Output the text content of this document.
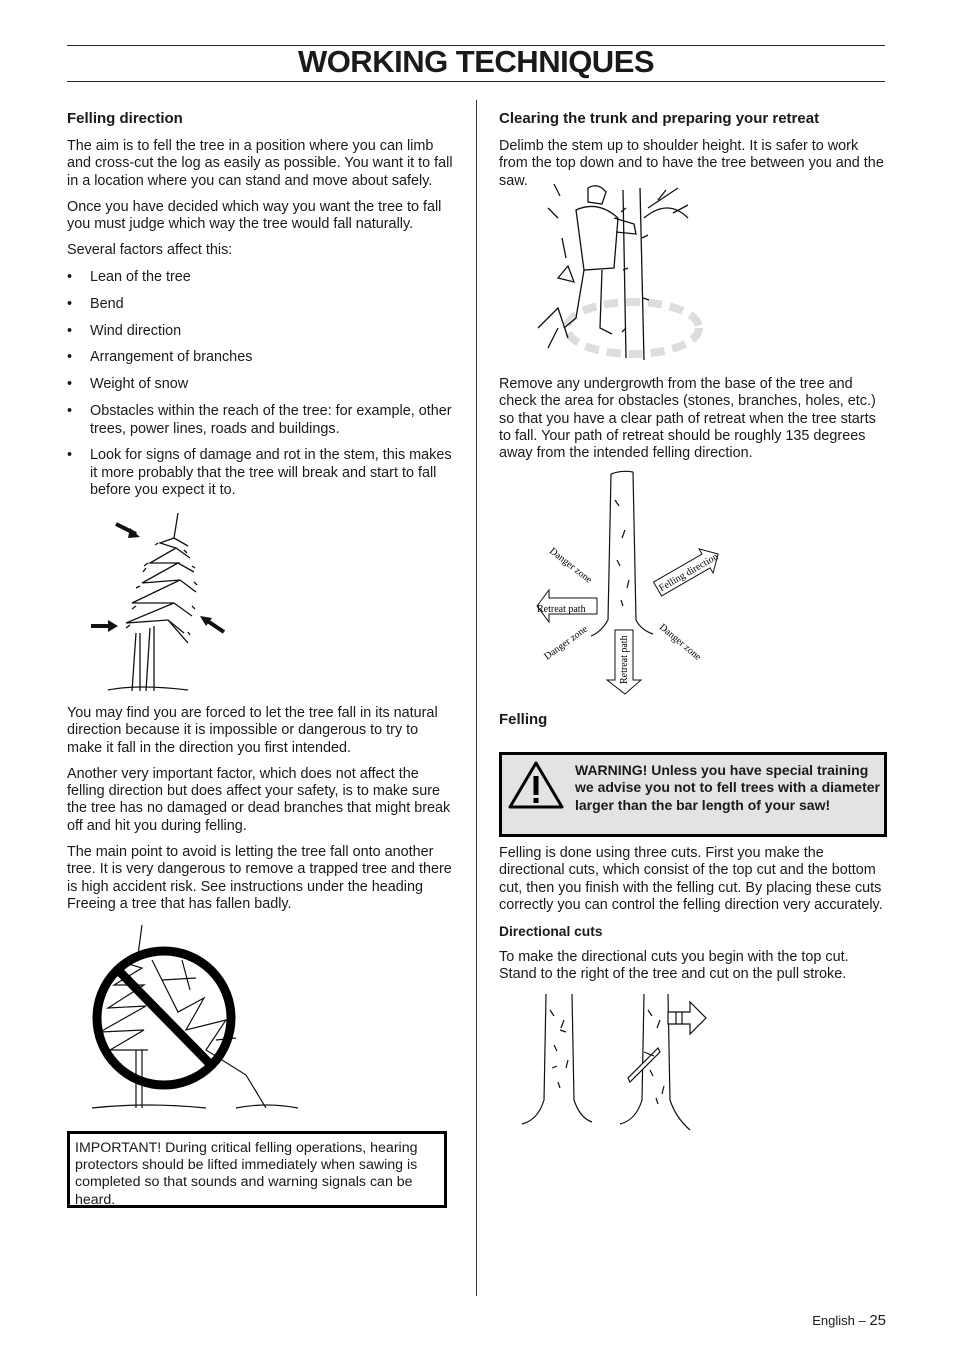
WORKING TECHNIQUES
Felling direction

The aim is to fell the tree in a position where you can limb and cross-cut the log as easily as possible. You want it to fall in a location where you can stand and move about safely.

Once you have decided which way you want the tree to fall you must judge which way the tree would fall naturally.

Several factors affect this:

• Lean of the tree
• Bend
• Wind direction
• Arrangement of branches
• Weight of snow
• Obstacles within the reach of the tree: for example, other trees, power lines, roads and buildings.
• Look for signs of damage and rot in the stem, this makes it more probably that the tree will break and start to fall before you expect it to.

You may find you are forced to let the tree fall in its natural direction because it is impossible or dangerous to try to make it fall in the direction you first intended.

Another very important factor, which does not affect the felling direction but does affect your safety, is to make sure the tree has no damaged or dead branches that might break off and hit you during felling.

The main point to avoid is letting the tree fall onto another tree. It is very dangerous to remove a trapped tree and there is high accident risk. See instructions under the heading Freeing a tree that has fallen badly.

IMPORTANT! During critical felling operations, hearing protectors should be lifted immediately when sawing is completed so that sounds and warning signals can be heard.
Clearing the trunk and preparing your retreat

Delimb the stem up to shoulder height. It is safer to work from the top down and to have the tree between you and the saw.

Remove any undergrowth from the base of the tree and check the area for obstacles (stones, branches, holes, etc.) so that you have a clear path of retreat when the tree starts to fall. Your path of retreat should be roughly 135 degrees away from the intended felling direction.

Retreat path
Retreat path
Felling direction
Danger zone
Danger zone	Danger zone
Felling
WARNING! Unless you have special training we advise you not to fell trees with a diameter larger than the bar length of your saw!

Felling is done using three cuts. First you make the directional cuts, which consist of the top cut and the bottom cut, then you finish with the felling cut. By placing these cuts correctly you can control the felling direction very accurately.

Directional cuts

To make the directional cuts you begin with the top cut. Stand to the right of the tree and cut on the pull stroke.

English – 25
